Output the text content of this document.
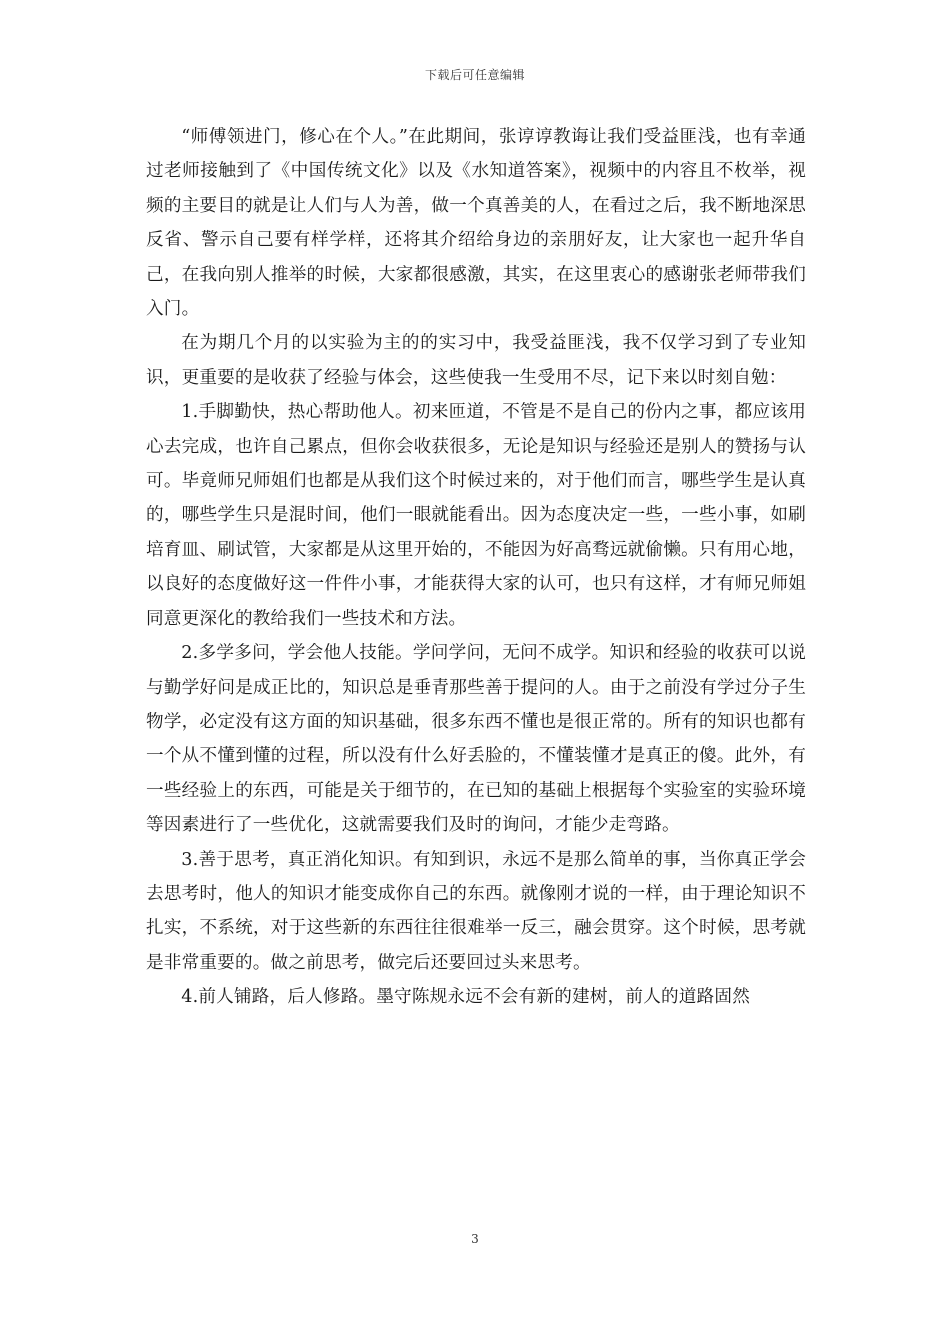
下载后可任意编辑

“师傅领进门，修心在个人。”在此期间，张谆谆教诲让我们受益匪浅，也有幸通过老师接触到了《中国传统文化》以及《水知道答案》，视频中的内容且不枚举，视频的主要目的就是让人们与人为善，做一个真善美的人，在看过之后，我不断地深思反省、警示自己要有样学样，还将其介绍给身边的亲朋好友，让大家也一起升华自己，在我向别人推举的时候，大家都很感激，其实，在这里衷心的感谢张老师带我们入门。

在为期几个月的以实验为主的的实习中，我受益匪浅，我不仅学习到了专业知识，更重要的是收获了经验与体会，这些使我一生受用不尽，记下来以时刻自勉：

1.手脚勤快，热心帮助他人。初来匝道，不管是不是自己的份内之事，都应该用心去完成，也许自己累点，但你会收获很多，无论是知识与经验还是别人的赞扬与认可。毕竟师兄师姐们也都是从我们这个时候过来的，对于他们而言，哪些学生是认真的，哪些学生只是混时间，他们一眼就能看出。因为态度决定一些，一些小事，如刷培育皿、刷试管，大家都是从这里开始的，不能因为好高骛远就偷懒。只有用心地，以良好的态度做好这一件件小事，才能获得大家的认可，也只有这样，才有师兄师姐同意更深化的教给我们一些技术和方法。

2.多学多问，学会他人技能。学问学问，无问不成学。知识和经验的收获可以说与勤学好问是成正比的，知识总是垂青那些善于提问的人。由于之前没有学过分子生物学，必定没有这方面的知识基础，很多东西不懂也是很正常的。所有的知识也都有一个从不懂到懂的过程，所以没有什么好丢脸的，不懂装懂才是真正的傻。此外，有一些经验上的东西，可能是关于细节的，在已知的基础上根据每个实验室的实验环境等因素进行了一些优化，这就需要我们及时的询问，才能少走弯路。

3.善于思考，真正消化知识。有知到识，永远不是那么简单的事，当你真正学会去思考时，他人的知识才能变成你自己的东西。就像刚才说的一样，由于理论知识不扎实，不系统，对于这些新的东西往往很难举一反三，融会贯穿。这个时候，思考就是非常重要的。做之前思考，做完后还要回过头来思考。

4.前人铺路，后人修路。墨守陈规永远不会有新的建树，前人的道路固然

3
